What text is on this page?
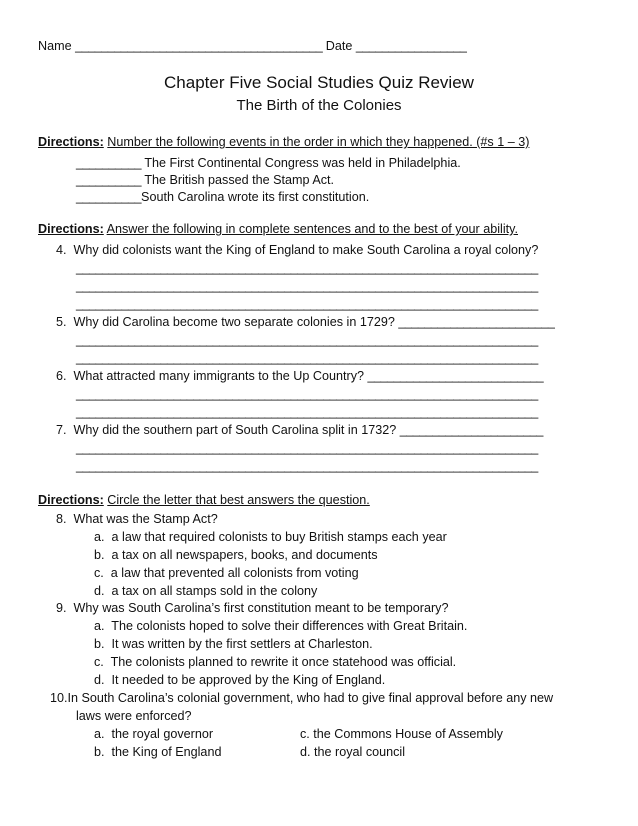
Name ______________________________________ Date _________________
Chapter Five Social Studies Quiz Review
The Birth of the Colonies
Directions: Number the following events in the order in which they happened. (#s 1 – 3)
__________ The First Continental Congress was held in Philadelphia.
__________ The British passed the Stamp Act.
__________South Carolina wrote its first constitution.
Directions: Answer the following in complete sentences and to the best of your ability.
4. Why did colonists want the King of England to make South Carolina a royal colony?
_______________________________________________________________________
_______________________________________________________________________
_______________________________________________________________________
5. Why did Carolina become two separate colonies in 1729? ________________________
_______________________________________________________________________
_______________________________________________________________________
6. What attracted many immigrants to the Up Country? ___________________________
_______________________________________________________________________
_______________________________________________________________________
7. Why did the southern part of South Carolina split in 1732? ______________________
_______________________________________________________________________
_______________________________________________________________________
Directions: Circle the letter that best answers the question.
8. What was the Stamp Act?
a. a law that required colonists to buy British stamps each year
b. a tax on all newspapers, books, and documents
c. a law that prevented all colonists from voting
d. a tax on all stamps sold in the colony
9. Why was South Carolina’s first constitution meant to be temporary?
a. The colonists hoped to solve their differences with Great Britain.
b. It was written by the first settlers at Charleston.
c. The colonists planned to rewrite it once statehood was official.
d. It needed to be approved by the King of England.
10.In South Carolina’s colonial government, who had to give final approval before any new
laws were enforced?
a. the royal governor
b. the King of England
c. the Commons House of Assembly
d. the royal council
